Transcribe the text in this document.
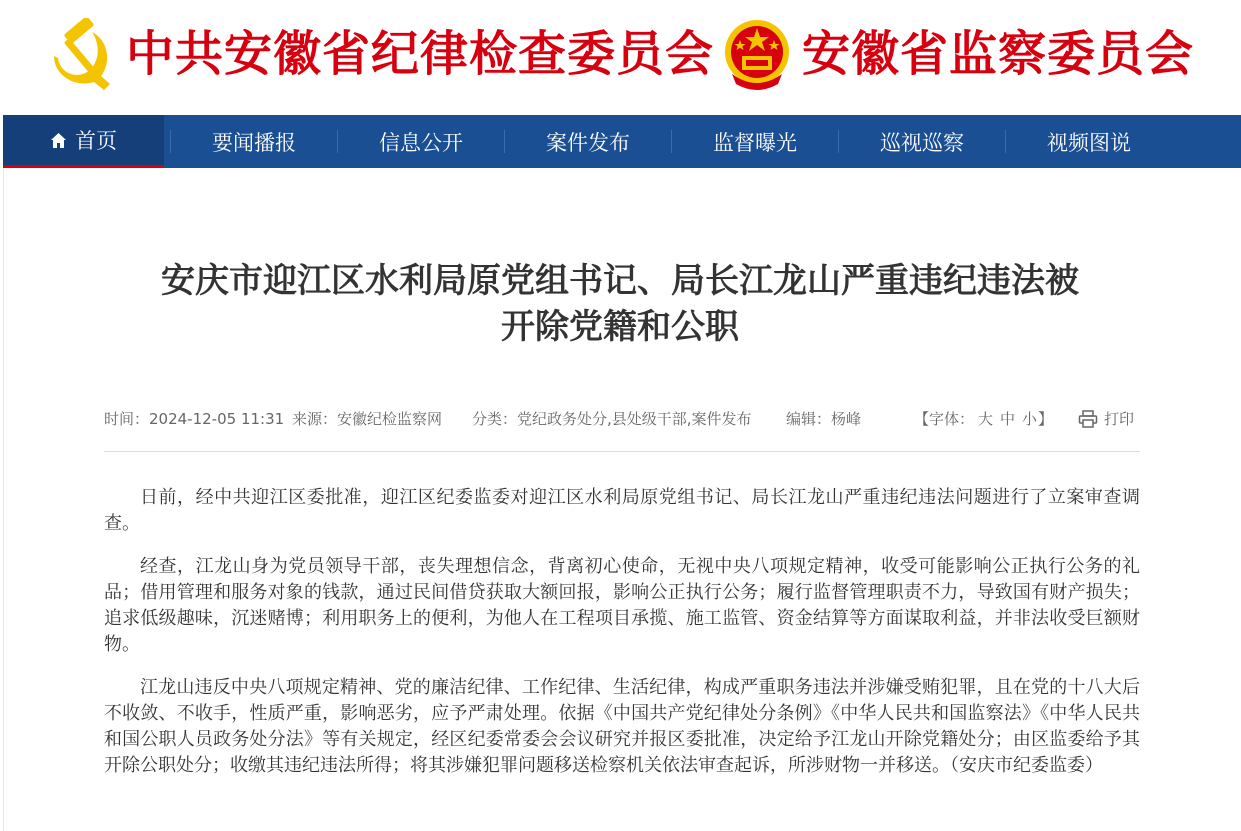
中共安徽省纪律检查委员会 安徽省监察委员会
首页	要闻播报	信息公开	案件发布	监督曝光	巡视巡察	视频图说
安庆市迎江区水利局原党组书记、局长江龙山严重违纪违法被
开除党籍和公职
时间：2024-12-05 11:31 来源：安徽纪检监察网 分类：党纪政务处分,县处级干部,案件发布 编辑：杨峰	【字体： 大 中 小 】	打印

日前，经中共迎江区委批准，迎江区纪委监委对迎江区水利局原党组书记、局长江龙山严重违纪违法问题进行了立案审查调查。

经查，江龙山身为党员领导干部，丧失理想信念，背离初心使命，无视中央八项规定精神，收受可能影响公正执行公务的礼品；借用管理和服务对象的钱款，通过民间借贷获取大额回报，影响公正执行公务；履行监督管理职责不力，导致国有财产损失；追求低级趣味，沉迷赌博；利用职务上的便利，为他人在工程项目承揽、施工监管、资金结算等方面谋取利益，并非法收受巨额财物。

江龙山违反中央八项规定精神、党的廉洁纪律、工作纪律、生活纪律，构成严重职务违法并涉嫌受贿犯罪，且在党的十八大后不收敛、不收手，性质严重，影响恶劣，应予严肃处理。依据《中国共产党纪律处分条例》《中华人民共和国监察法》《中华人民共和国公职人员政务处分法》等有关规定，经区纪委常委会会议研究并报区委批准，决定给予江龙山开除党籍处分；由区监委给予其开除公职处分；收缴其违纪违法所得；将其涉嫌犯罪问题移送检察机关依法审查起诉，所涉财物一并移送。（安庆市纪委监委）
